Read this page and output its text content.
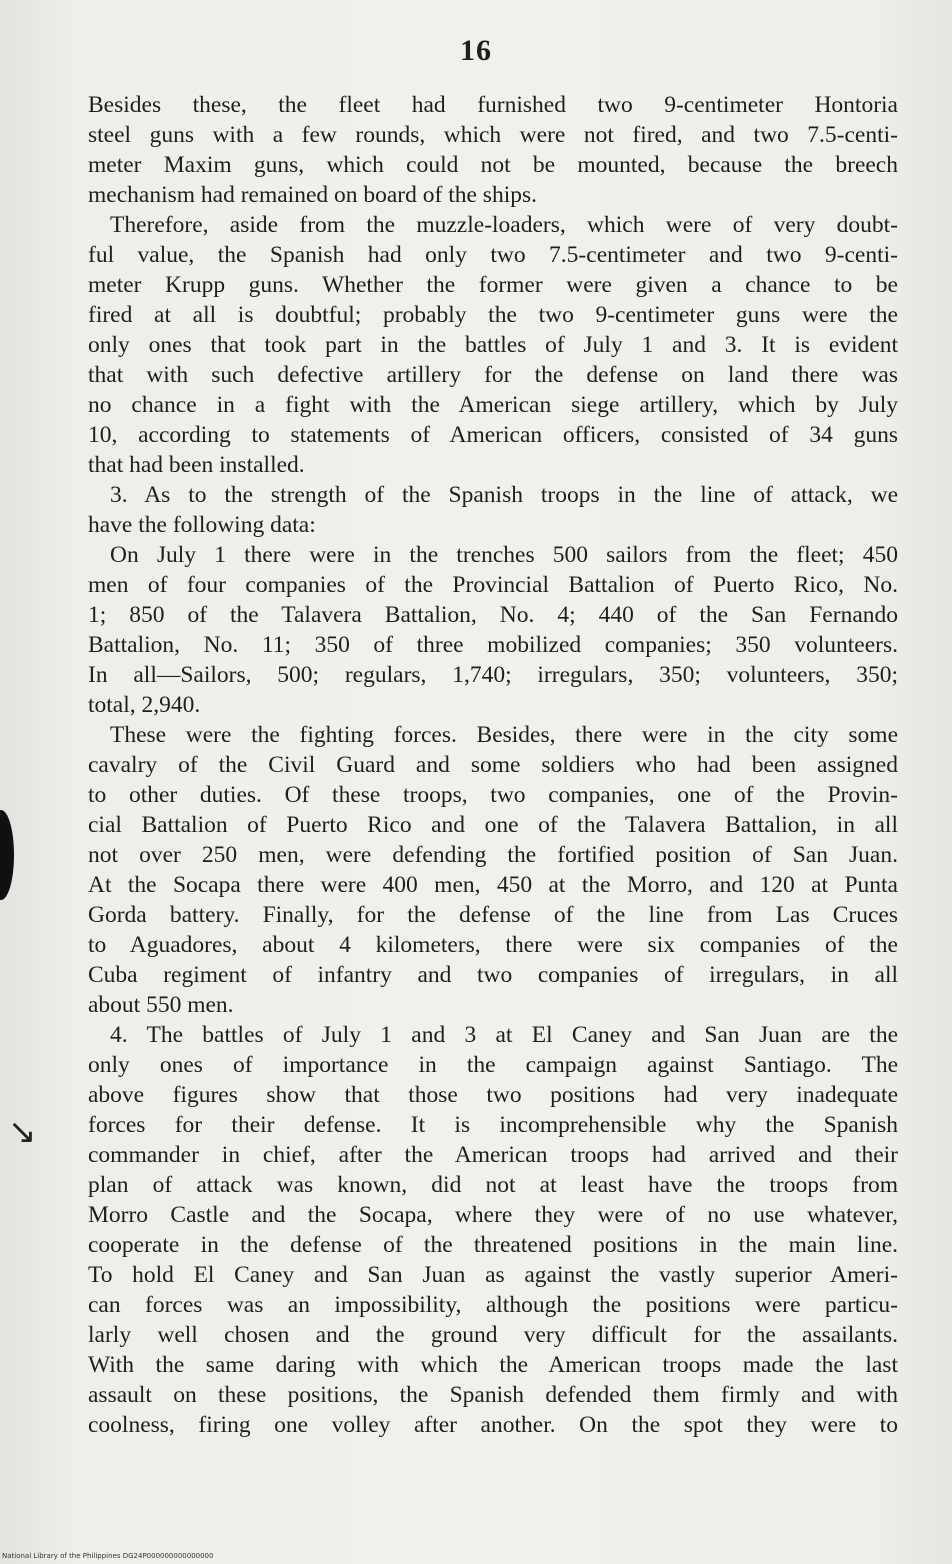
16
↘
Besides these, the fleet had furnished two 9-centimeter Hontoria
steel guns with a few rounds, which were not fired, and two 7.5-centi-
meter Maxim guns, which could not be mounted, because the breech
mechanism had remained on board of the ships.
Therefore, aside from the muzzle-loaders, which were of very doubt-
ful value, the Spanish had only two 7.5-centimeter and two 9-centi-
meter Krupp guns. Whether the former were given a chance to be
fired at all is doubtful; probably the two 9-centimeter guns were the
only ones that took part in the battles of July 1 and 3. It is evident
that with such defective artillery for the defense on land there was
no chance in a fight with the American siege artillery, which by July
10, according to statements of American officers, consisted of 34 guns
that had been installed.
3. As to the strength of the Spanish troops in the line of attack, we
have the following data:
On July 1 there were in the trenches 500 sailors from the fleet; 450
men of four companies of the Provincial Battalion of Puerto Rico, No.
1; 850 of the Talavera Battalion, No. 4; 440 of the San Fernando
Battalion, No. 11; 350 of three mobilized companies; 350 volunteers.
In all—Sailors, 500; regulars, 1,740; irregulars, 350; volunteers, 350;
total, 2,940.
These were the fighting forces. Besides, there were in the city some
cavalry of the Civil Guard and some soldiers who had been assigned
to other duties. Of these troops, two companies, one of the Provin-
cial Battalion of Puerto Rico and one of the Talavera Battalion, in all
not over 250 men, were defending the fortified position of San Juan.
At the Socapa there were 400 men, 450 at the Morro, and 120 at Punta
Gorda battery. Finally, for the defense of the line from Las Cruces
to Aguadores, about 4 kilometers, there were six companies of the
Cuba regiment of infantry and two companies of irregulars, in all
about 550 men.
4. The battles of July 1 and 3 at El Caney and San Juan are the
only ones of importance in the campaign against Santiago. The
above figures show that those two positions had very inadequate
forces for their defense. It is incomprehensible why the Spanish
commander in chief, after the American troops had arrived and their
plan of attack was known, did not at least have the troops from
Morro Castle and the Socapa, where they were of no use whatever,
cooperate in the defense of the threatened positions in the main line.
To hold El Caney and San Juan as against the vastly superior Ameri-
can forces was an impossibility, although the positions were particu-
larly well chosen and the ground very difficult for the assailants.
With the same daring with which the American troops made the last
assault on these positions, the Spanish defended them firmly and with
coolness, firing one volley after another. On the spot they were to
National Library of the Philippines DG24P000000000000000
